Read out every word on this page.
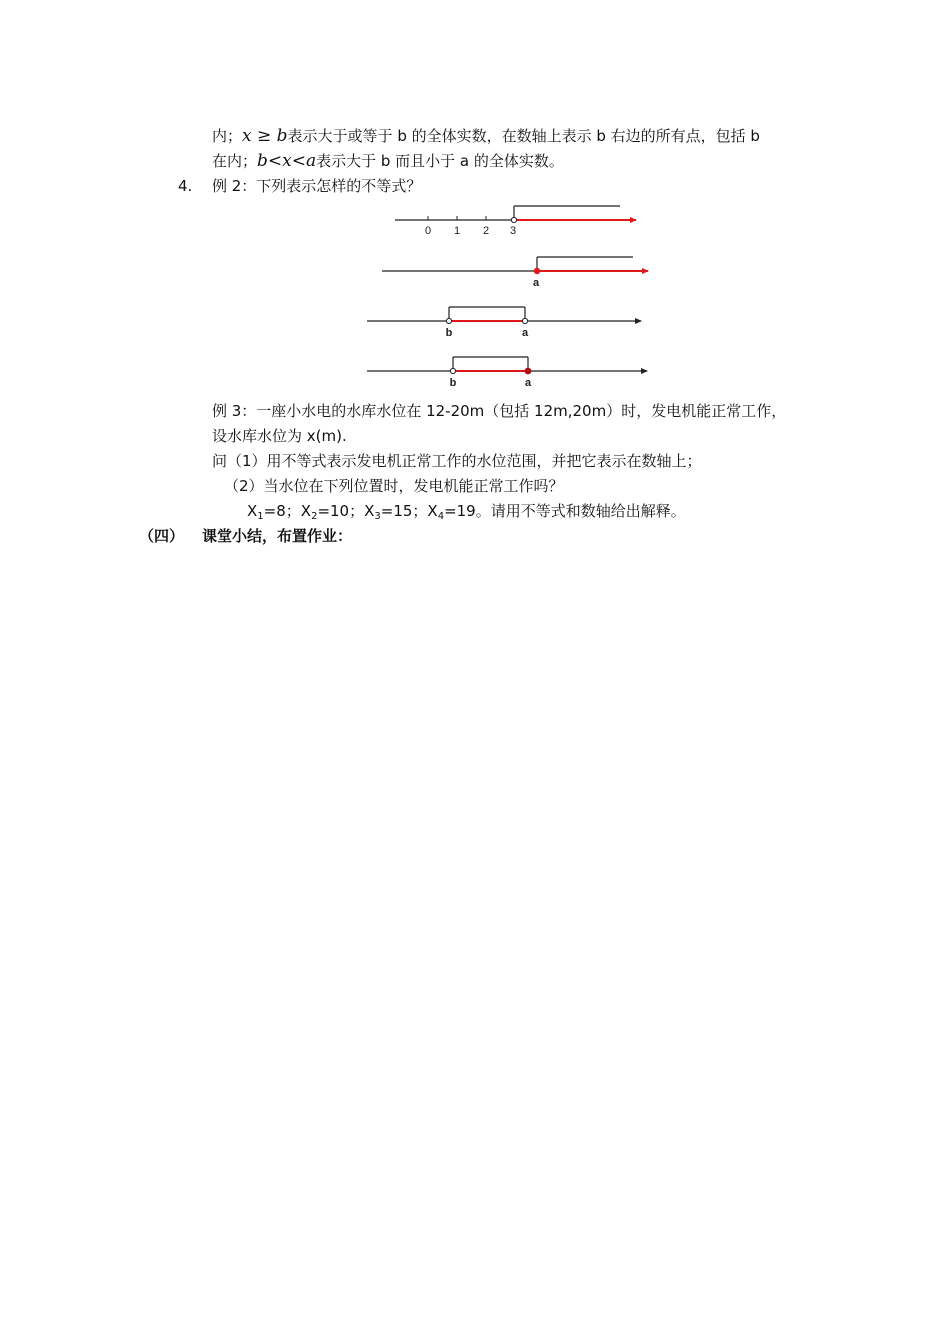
内；x ≥ b表示大于或等于 b 的全体实数，在数轴上表示 b 右边的所有点，包括 b
在内；b<x<a表示大于 b 而且小于 a 的全体实数。
4. 例 2：下列表示怎样的不等式？
0 1 2 3
a
b	a
b	a
例 3：一座小水电的水库水位在 12-20m（包括 12m,20m）时，发电机能正常工作，
设水库水位为 x(m).
问（1）用不等式表示发电机正常工作的水位范围，并把它表示在数轴上；
（2）当水位在下列位置时，发电机能正常工作吗？
$X_1=8$；$X_2=10$；$X_3=15$；$X_4=19$。请用不等式和数轴给出解释。
（四） 课堂小结，布置作业：
